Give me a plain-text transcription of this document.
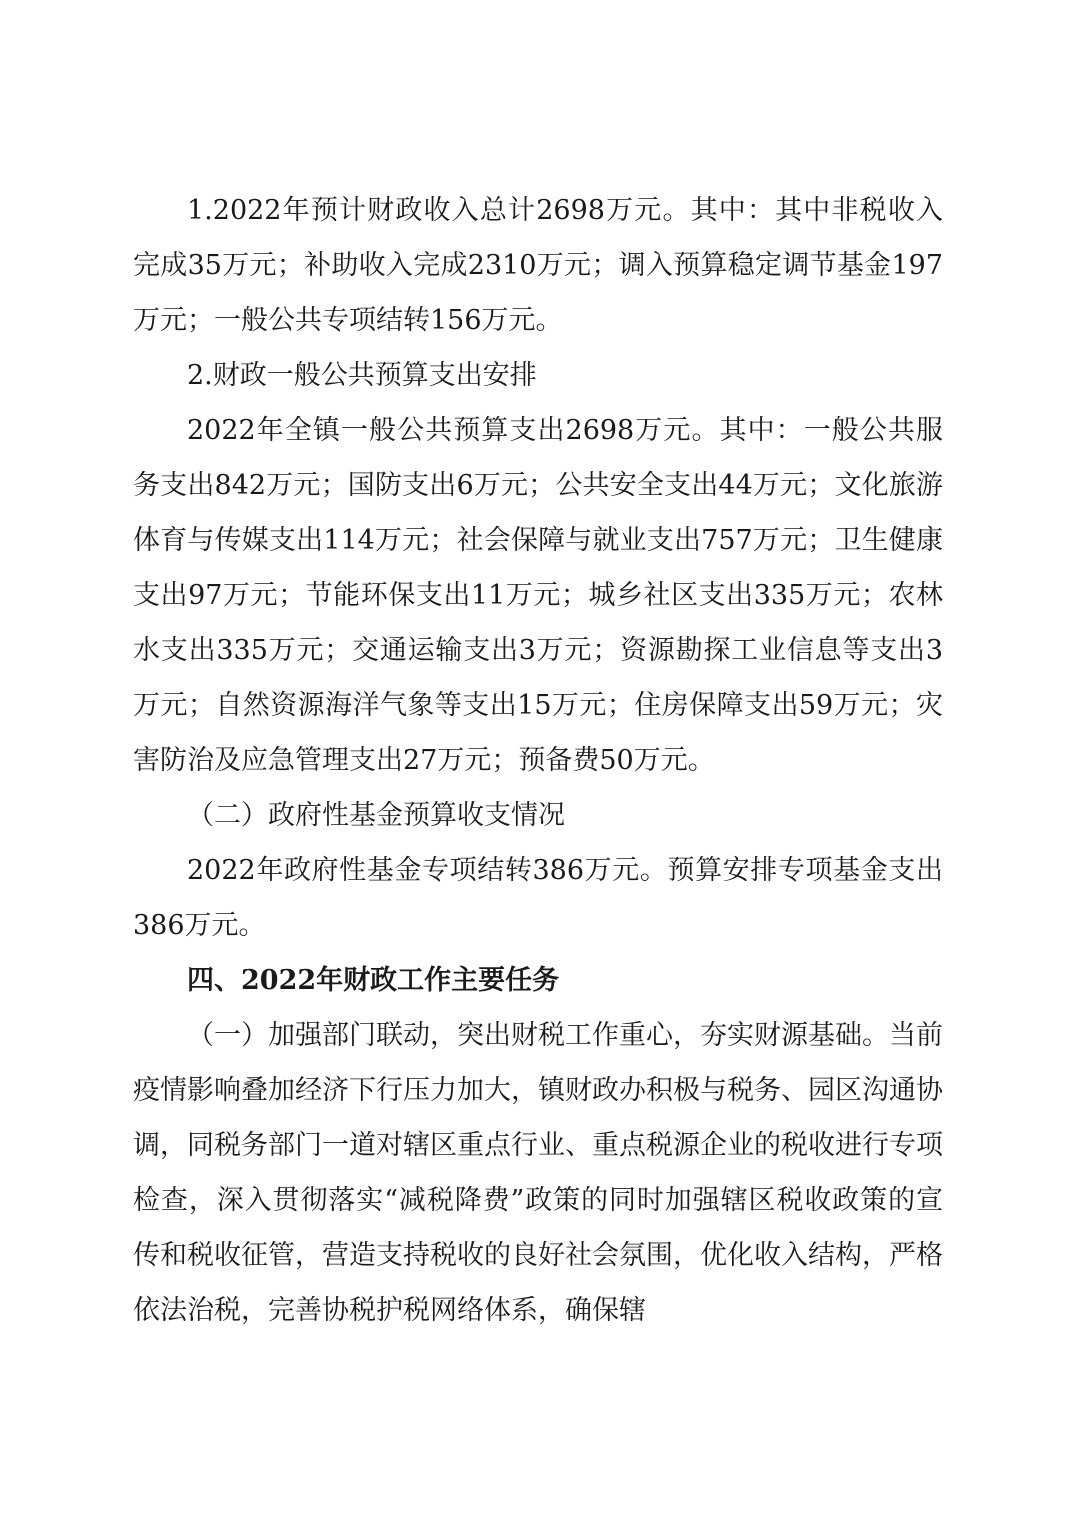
1.2022年预计财政收入总计2698万元。其中：其中非税收入完成35万元；补助收入完成2310万元；调入预算稳定调节基金197万元；一般公共专项结转156万元。

2.财政一般公共预算支出安排

2022年全镇一般公共预算支出2698万元。其中：一般公共服务支出842万元；国防支出6万元；公共安全支出44万元；文化旅游体育与传媒支出114万元；社会保障与就业支出757万元；卫生健康支出97万元；节能环保支出11万元；城乡社区支出335万元；农林水支出335万元；交通运输支出3万元；资源勘探工业信息等支出3万元；自然资源海洋气象等支出15万元；住房保障支出59万元；灾害防治及应急管理支出27万元；预备费50万元。

（二）政府性基金预算收支情况

2022年政府性基金专项结转386万元。预算安排专项基金支出386万元。

四、2022年财政工作主要任务

（一）加强部门联动，突出财税工作重心，夯实财源基础。当前疫情影响叠加经济下行压力加大，镇财政办积极与税务、园区沟通协调，同税务部门一道对辖区重点行业、重点税源企业的税收进行专项检查，深入贯彻落实“减税降费”政策的同时加强辖区税收政策的宣传和税收征管，营造支持税收的良好社会氛围，优化收入结构，严格依法治税，完善协税护税网络体系，确保辖
